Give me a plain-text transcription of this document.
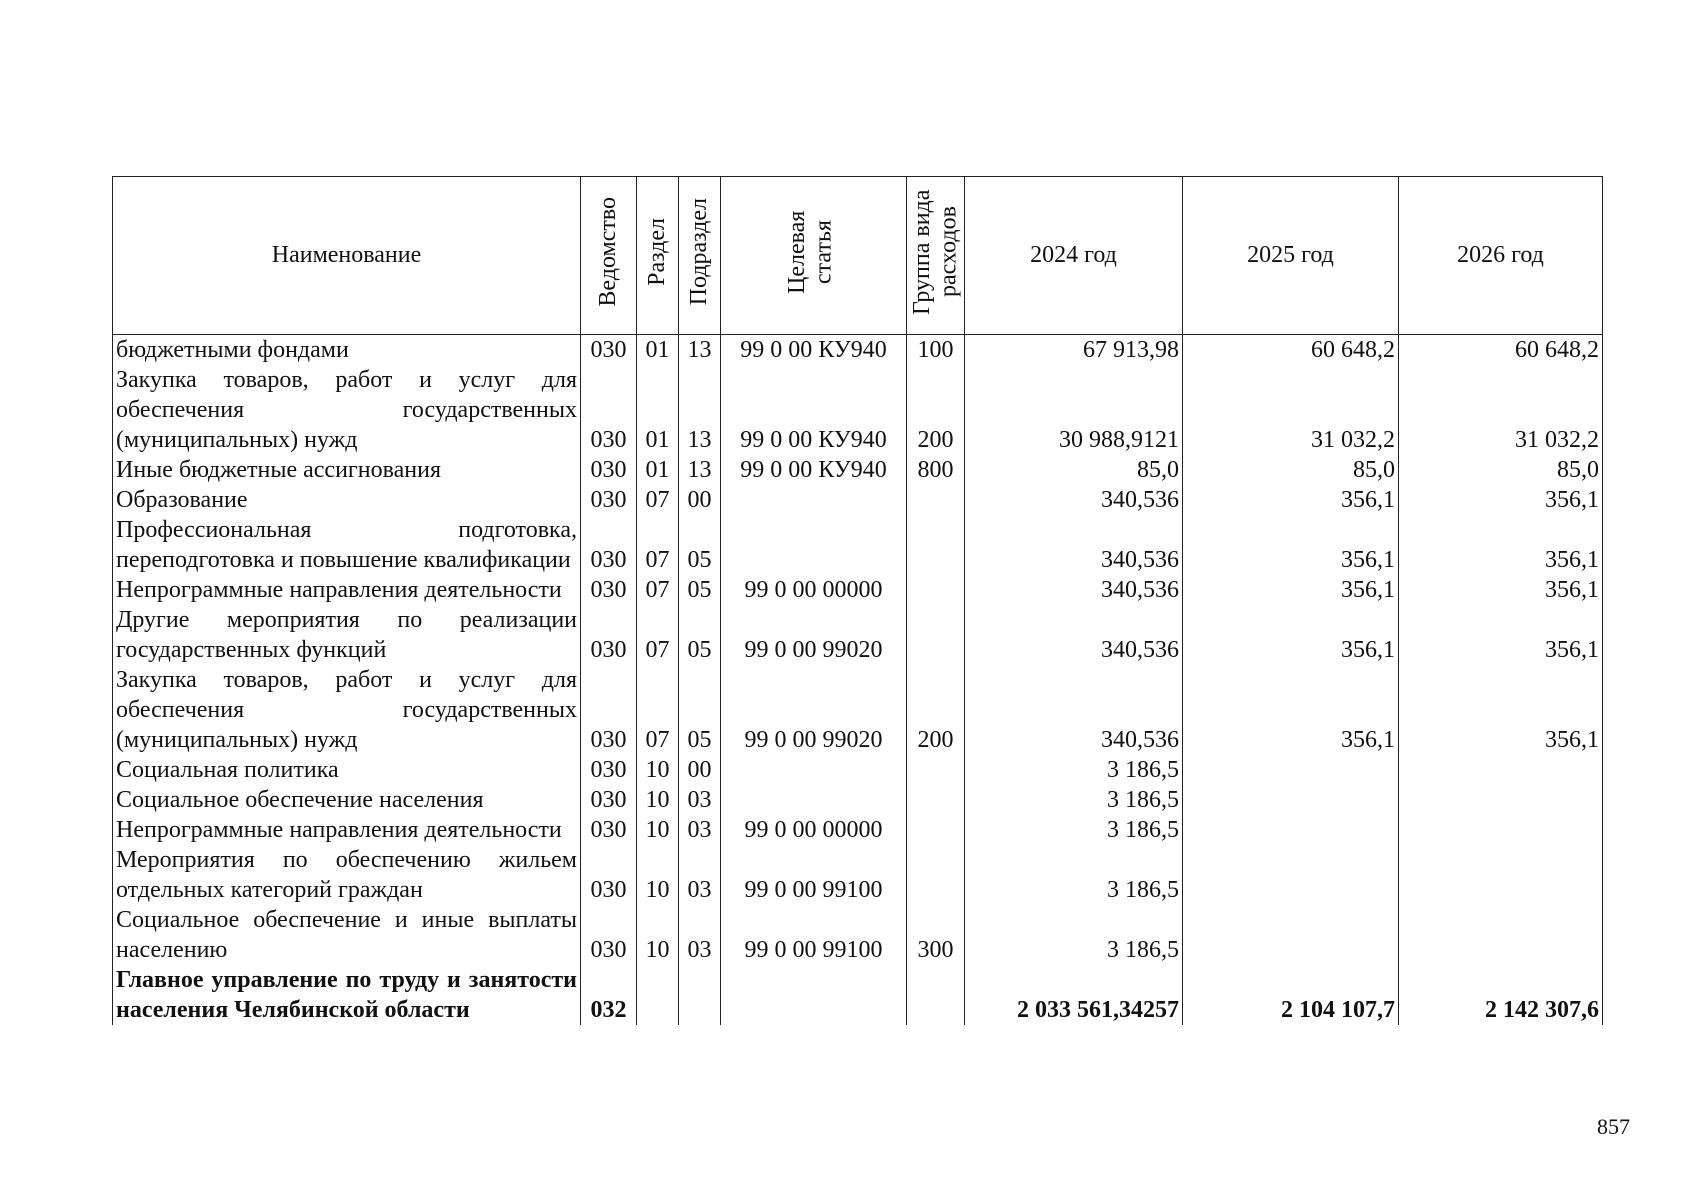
Наименование	Ведомство	Раздел	Подраздел	Целевая статья	Группа вида расходов	2024 год	2025 год	2026 год
бюджетными фондами	030	01	13	99 0 00 КУ940	100	67 913,98	60 648,2	60 648,2
Закупка товаров, работ и услуг для обеспечения государственных (муниципальных) нужд	030	01	13	99 0 00 КУ940	200	30 988,9121	31 032,2	31 032,2
Иные бюджетные ассигнования	030	01	13	99 0 00 КУ940	800	85,0	85,0	85,0
Образование	030	07	00			340,536	356,1	356,1
Профессиональная подготовка, переподготовка и повышение квалификации	030	07	05			340,536	356,1	356,1
Непрограммные направления деятельности	030	07	05	99 0 00 00000		340,536	356,1	356,1
Другие мероприятия по реализации государственных функций	030	07	05	99 0 00 99020		340,536	356,1	356,1
Закупка товаров, работ и услуг для обеспечения государственных (муниципальных) нужд	030	07	05	99 0 00 99020	200	340,536	356,1	356,1
Социальная политика	030	10	00			3 186,5		
Социальное обеспечение населения	030	10	03			3 186,5		
Непрограммные направления деятельности	030	10	03	99 0 00 00000		3 186,5		
Мероприятия по обеспечению жильем отдельных категорий граждан	030	10	03	99 0 00 99100		3 186,5		
Социальное обеспечение и иные выплаты населению	030	10	03	99 0 00 99100	300	3 186,5		
Главное управление по труду и занятости населения Челябинской области	032					2 033 561,34257	2 104 107,7	2 142 307,6
857
